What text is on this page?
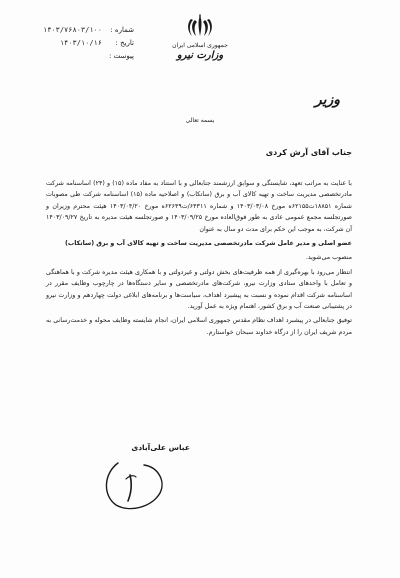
شماره :
۱۴۰۳/۷۶۸۰۳/۱۰۰
تاریخ :
۱۴۰۳/۱۰/۱۶
پیوست :
جمهوری اسلامی ایران
وزارت نیرو
وزیر
بسمه تعالی
جناب آقای آرش کردی

با عنایت به مراتب تعهد، شایستگی و سوابق ارزشمند جنابعالی و با استناد به مفاد ماده (۱۵) و (۲۴) اساسنامه شرکت مادرتخصصی مدیریت ساخت و تهیه کالای آب و برق (ساتکاب) و اصلاحیه ماده (۱۵) اساسنامه شرکت طی مصوبات شماره ۱۸۸۵۱ت۶۲۱۵۵ه مورخ ۱۴۰۳/۰۳/۰۸ و شماره ۶۴۳۱۱/ت۶۲۶۴۹ه مورخ ۱۴۰۳/۰۴/۲۰ هیئت محترم وزیران و صورتجلسه مجمع عمومی عادی به طور فوق‌العاده مورخ ۱۴۰۳/۰۹/۲۵ و صورتجلسه هیئت مدیره به تاریخ ۱۴۰۳/۰۹/۲۷ آن شرکت، به موجب این حکم برای مدت دو سال به عنوان

عضو اصلی و مدیر عامل شرکت مادرتخصصی مدیریت ساخت و تهیه کالای آب و برق (ساتکاب)

منصوب می‌شوید.

انتظار می‌رود با بهره‌گیری از همه ظرفیت‌های بخش دولتی و غیردولتی و با همکاری هیئت مدیره شرکت و با هماهنگی و تعامل با واحدهای ستادی وزارت نیرو، شرکت‌های مادرتخصصی و سایر دستگاه‌ها در چارچوب وظایف مقرر در اساسنامه شرکت اقدام نموده و نسبت به پیشبرد اهداف، سیاست‌ها و برنامه‌های ابلاغی دولت چهاردهم و وزارت نیرو در پشتیبانی صنعت آب و برق کشور، اهتمام ویژه به عمل آورید.

توفیق جنابعالی در پیشبرد اهداف نظام مقدس جمهوری اسلامی ایران، انجام شایسته وظایف محوله و خدمت‌رسانی به مردم شریف ایران را از درگاه خداوند سبحان خواستارم.

عباس علی‌آبادی
